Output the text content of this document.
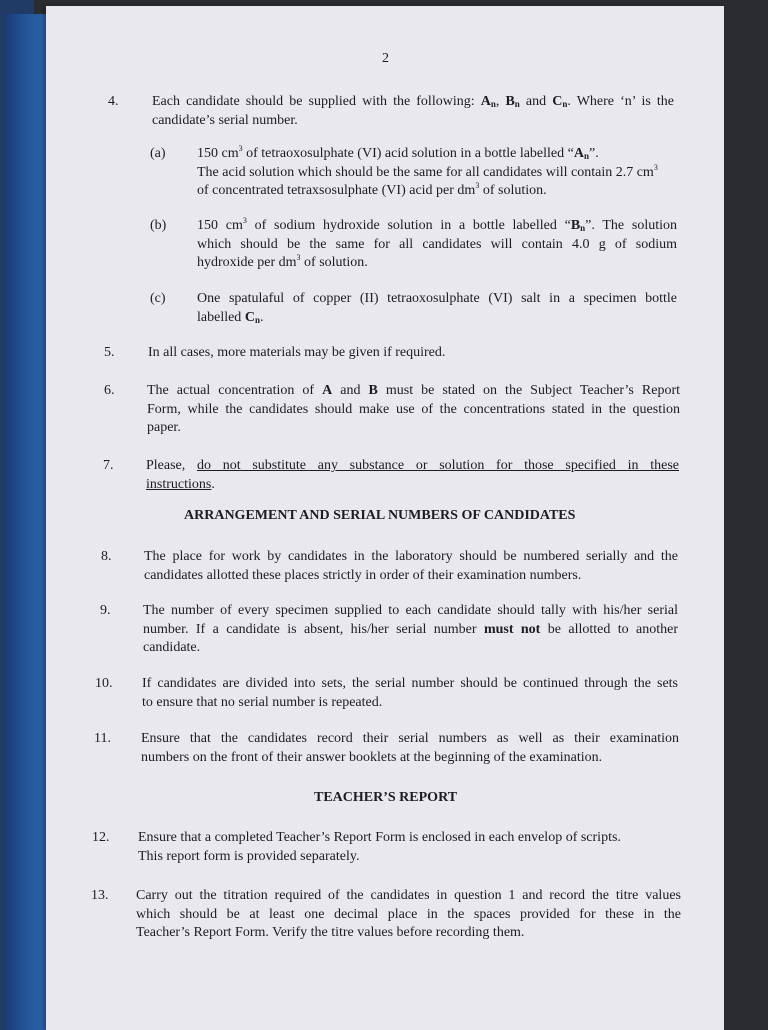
2
4. Each candidate should be supplied with the following: $A_n$, $B_n$ and $C_n$. Where ‘n’ is the
candidate’s serial number.
(a) 150 $cm^3$ of tetraoxosulphate (VI) acid solution in a bottle labelled “$A_n$”.
The acid solution which should be the same for all candidates will contain 2.7 $cm^3$
of concentrated tetraxsosulphate (VI) acid per $dm^3$ of solution.
(b) 150 $cm^3$ of sodium hydroxide solution in a bottle labelled “$B_n$”. The solution
which should be the same for all candidates will contain 4.0 g of sodium
hydroxide per $dm^3$ of solution.
(c) One spatulaful of copper (II) tetraoxosulphate (VI) salt in a specimen bottle
labelled $C_n$.
5. In all cases, more materials may be given if required.
6. The actual concentration of A and B must be stated on the Subject Teacher’s Report
Form, while the candidates should make use of the concentrations stated in the question
paper.
7. Please, do not substitute any substance or solution for those specified in these
instructions.
ARRANGEMENT AND SERIAL NUMBERS OF CANDIDATES
8. The place for work by candidates in the laboratory should be numbered serially and the
candidates allotted these places strictly in order of their examination numbers.
9. The number of every specimen supplied to each candidate should tally with his/her serial
number. If a candidate is absent, his/her serial number must not be allotted to another
candidate.
10. If candidates are divided into sets, the serial number should be continued through the sets
to ensure that no serial number is repeated.
11. Ensure that the candidates record their serial numbers as well as their examination
numbers on the front of their answer booklets at the beginning of the examination.
TEACHER’S REPORT
12. Ensure that a completed Teacher’s Report Form is enclosed in each envelop of scripts.
This report form is provided separately.
13. Carry out the titration required of the candidates in question 1 and record the titre values
which should be at least one decimal place in the spaces provided for these in the
Teacher’s Report Form. Verify the titre values before recording them.
